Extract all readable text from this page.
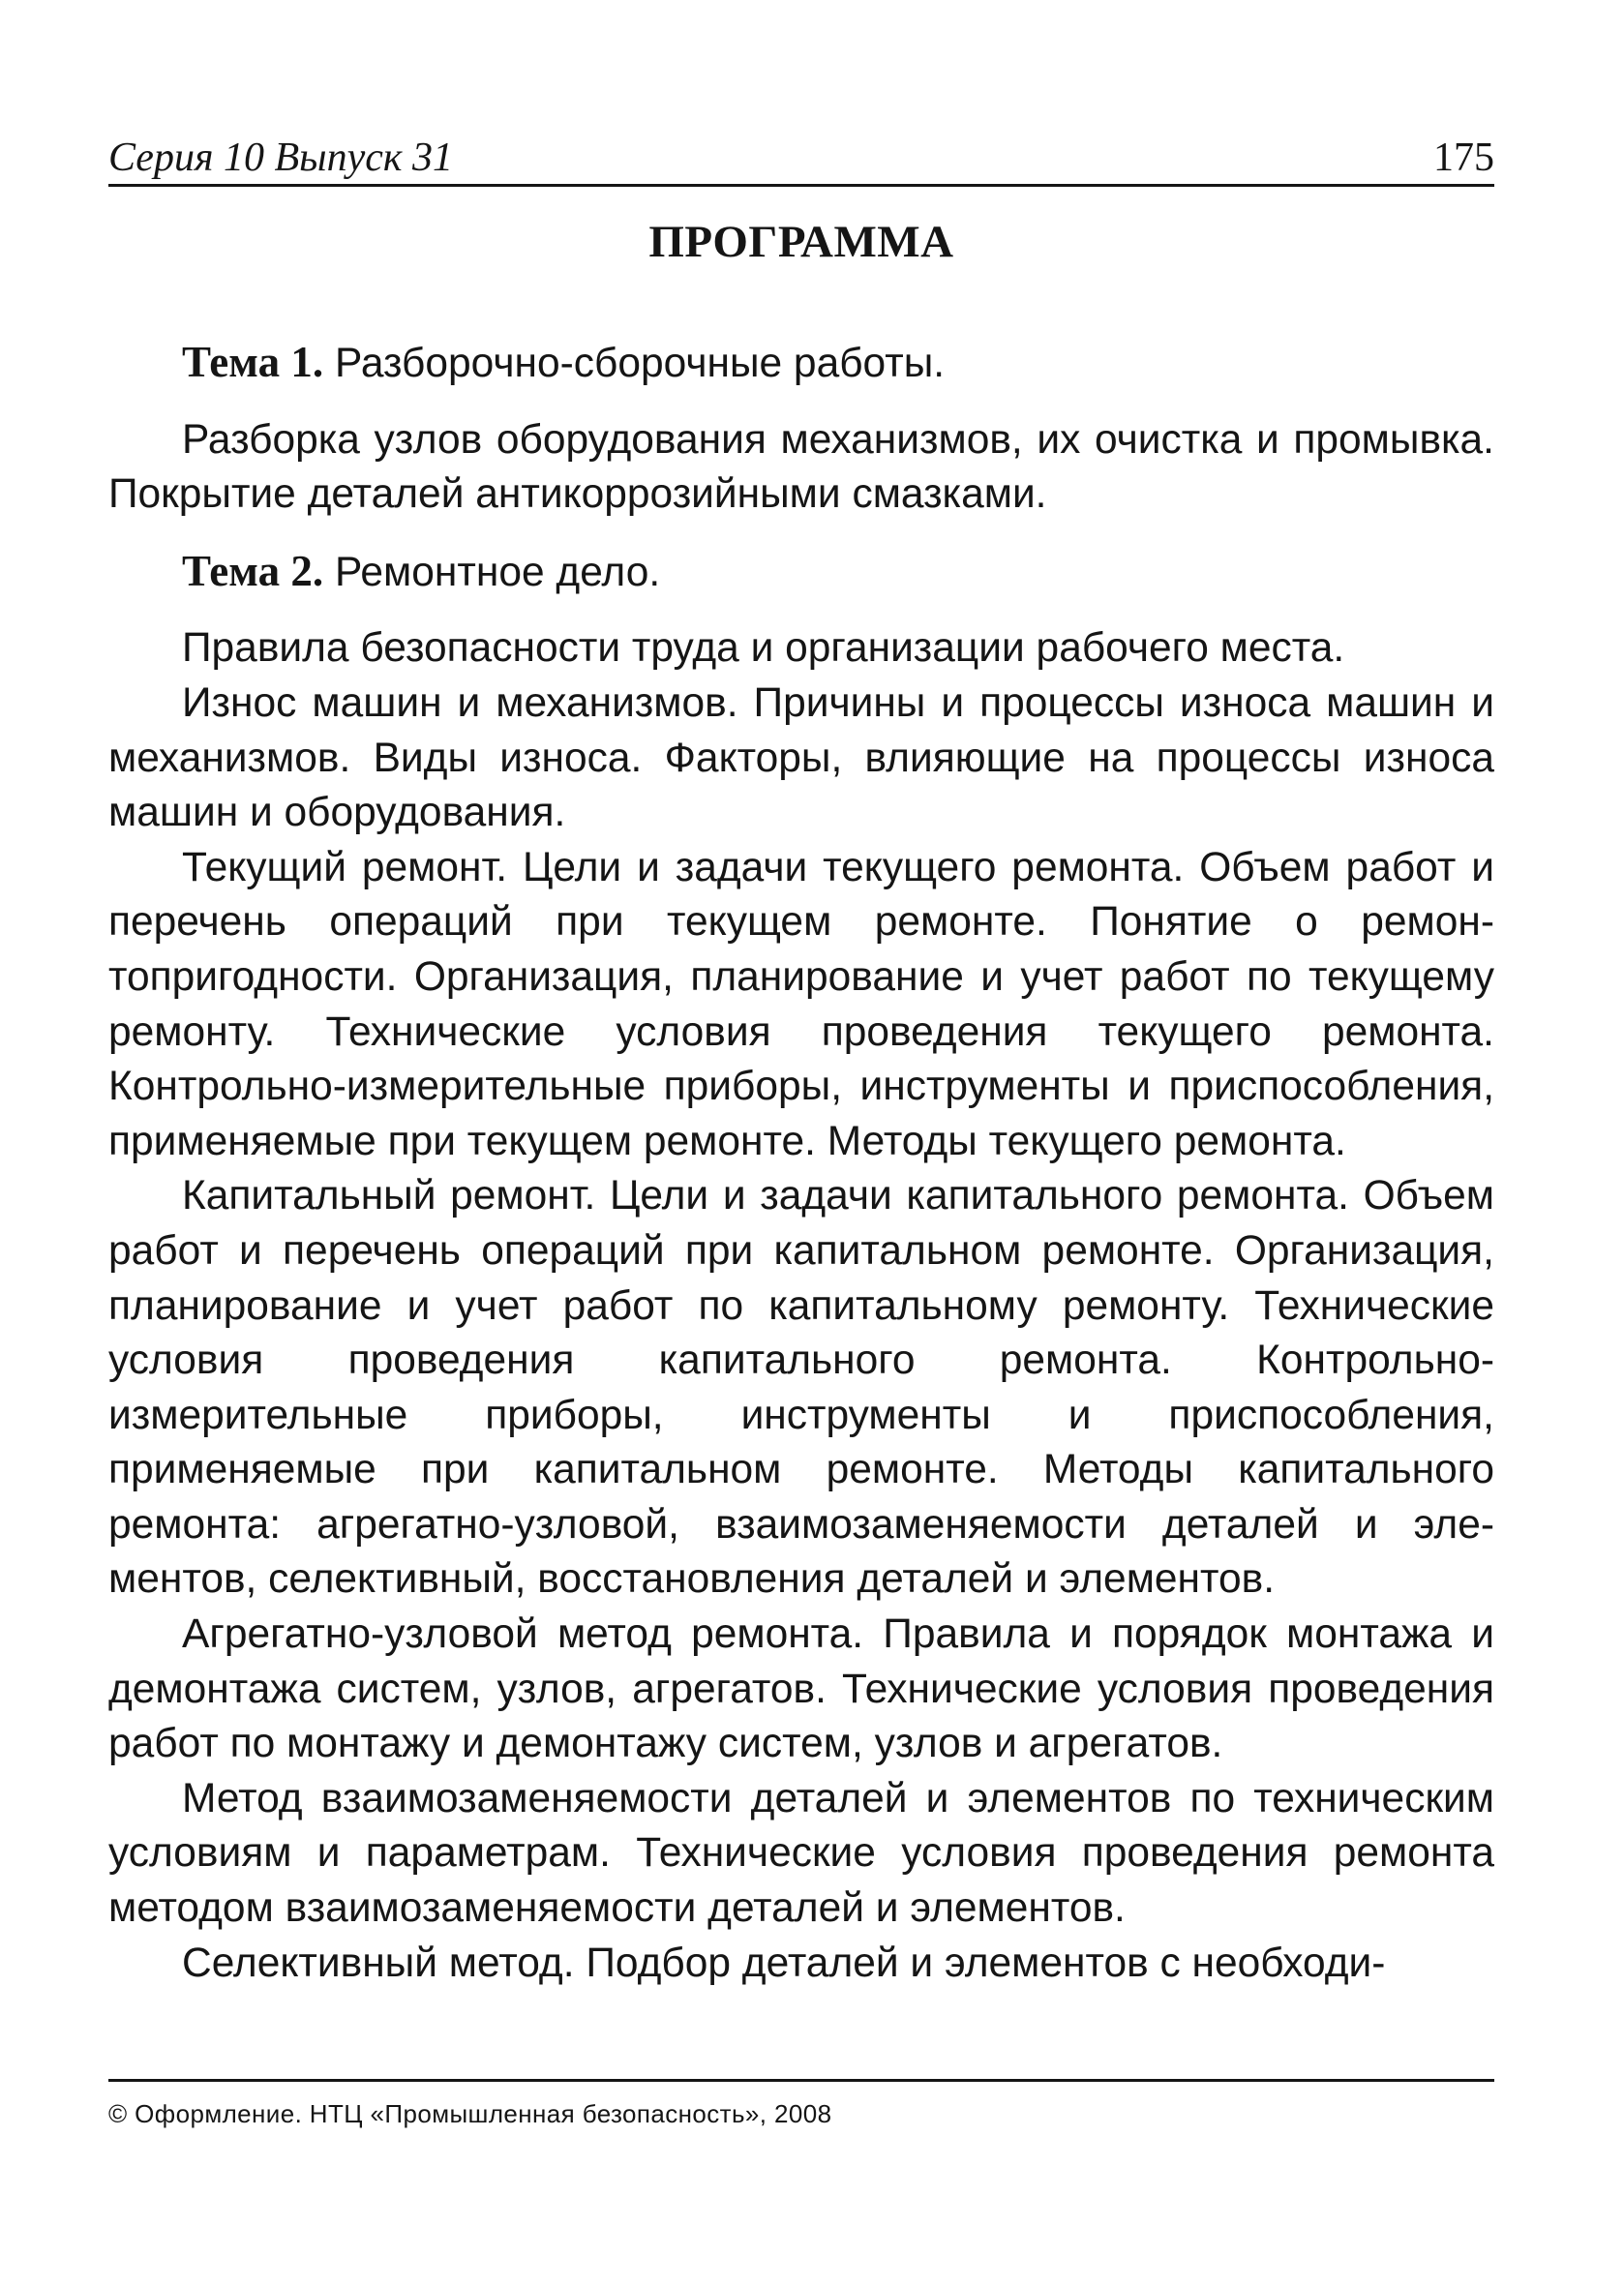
Серия 10 Выпуск 31	175
ПРОГРАММА

Тема 1. Разборочно-сборочные работы.

Разборка узлов оборудования механизмов, их очистка и промывка. Покрытие деталей антикоррозийными смазками.

Тема 2. Ремонтное дело.

Правила безопасности труда и организации рабочего места.

Износ машин и механизмов. Причины и процессы износа машин и механизмов. Виды износа. Факторы, влияющие на процессы износа машин и оборудования.

Текущий ремонт. Цели и задачи текущего ремонта. Объем работ и перечень операций при текущем ремонте. Понятие о ремонтопригодности. Организация, планирование и учет работ по текущему ремонту. Технические условия проведения текущего ремонта. Контрольно-измерительные приборы, инструменты и приспособления, применяемые при текущем ремонте. Методы текущего ремонта.

Капитальный ремонт. Цели и задачи капитального ремонта. Объем работ и перечень операций при капитальном ремонте. Организация, планирование и учет работ по капитальному ремонту. Технические условия проведения капитального ремонта. Контрольно-измерительные приборы, инструменты и приспособления, применяемые при капитальном ремонте. Методы капитального ремонта: агрегатно-узловой, взаимозаменяемости деталей и элементов, селективный, восстановления деталей и элементов.

Агрегатно-узловой метод ремонта. Правила и порядок монтажа и демонтажа систем, узлов, агрегатов. Технические условия проведения работ по монтажу и демонтажу систем, узлов и агрегатов.

Метод взаимозаменяемости деталей и элементов по техническим условиям и параметрам. Технические условия проведения ремонта методом взаимозаменяемости деталей и элементов.

Селективный метод. Подбор деталей и элементов с необходи-

© Оформление. НТЦ «Промышленная безопасность», 2008
